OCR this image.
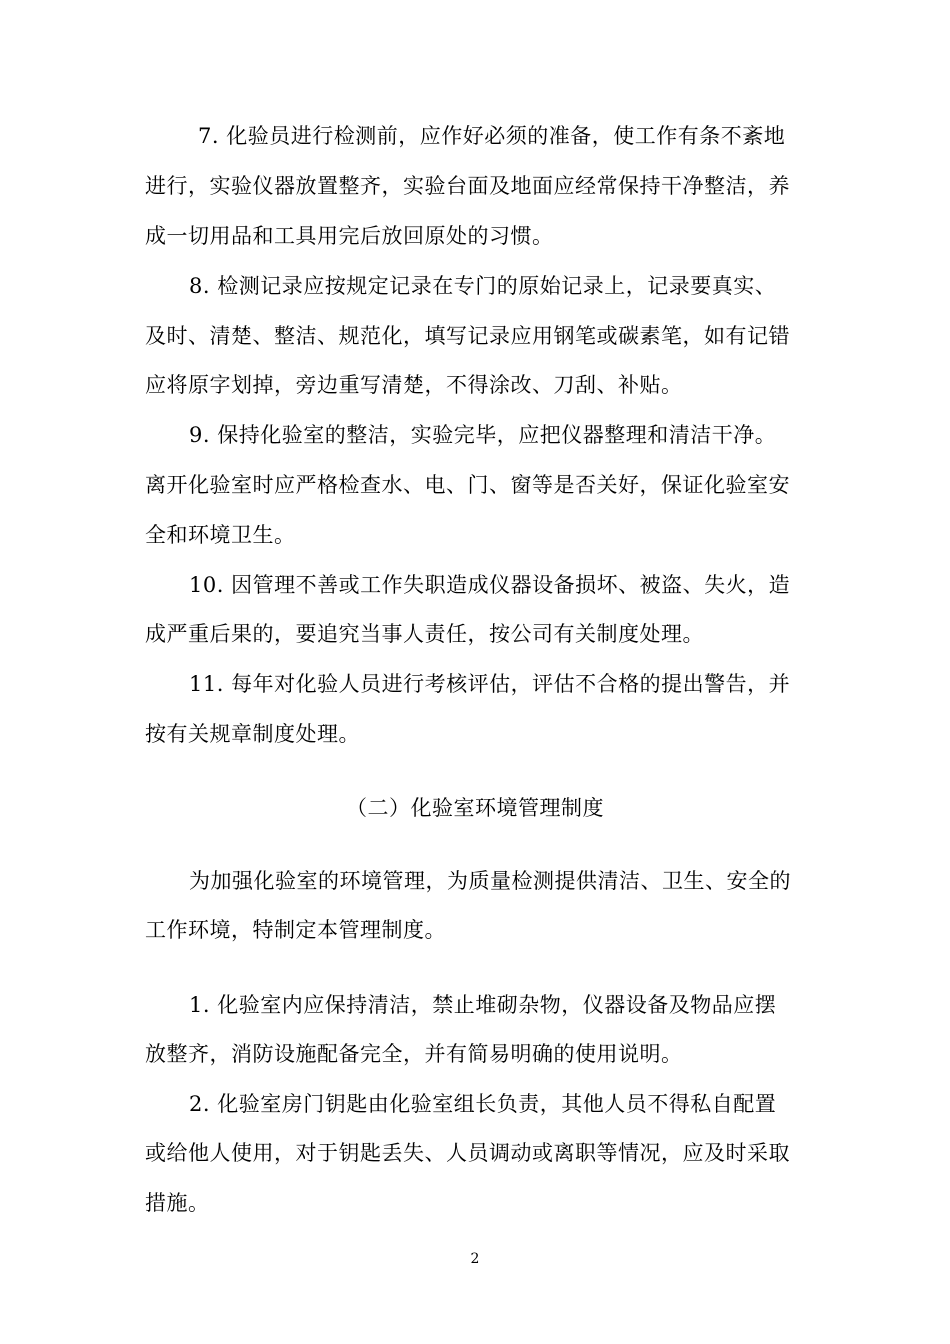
7. 化验员进行检测前，应作好必须的准备，使工作有条不紊地
进行，实验仪器放置整齐，实验台面及地面应经常保持干净整洁，养
成一切用品和工具用完后放回原处的习惯。
8. 检测记录应按规定记录在专门的原始记录上，记录要真实、
及时、清楚、整洁、规范化，填写记录应用钢笔或碳素笔，如有记错
应将原字划掉，旁边重写清楚，不得涂改、刀刮、补贴。
9. 保持化验室的整洁，实验完毕，应把仪器整理和清洁干净。
离开化验室时应严格检查水、电、门、窗等是否关好，保证化验室安
全和环境卫生。
10. 因管理不善或工作失职造成仪器设备损坏、被盗、失火，造
成严重后果的，要追究当事人责任，按公司有关制度处理。
11. 每年对化验人员进行考核评估，评估不合格的提出警告，并
按有关规章制度处理。
（二）化验室环境管理制度
为加强化验室的环境管理，为质量检测提供清洁、卫生、安全的
工作环境，特制定本管理制度。
1. 化验室内应保持清洁，禁止堆砌杂物，仪器设备及物品应摆
放整齐，消防设施配备完全，并有简易明确的使用说明。
2. 化验室房门钥匙由化验室组长负责，其他人员不得私自配置
或给他人使用，对于钥匙丢失、人员调动或离职等情况，应及时采取
措施。
2
